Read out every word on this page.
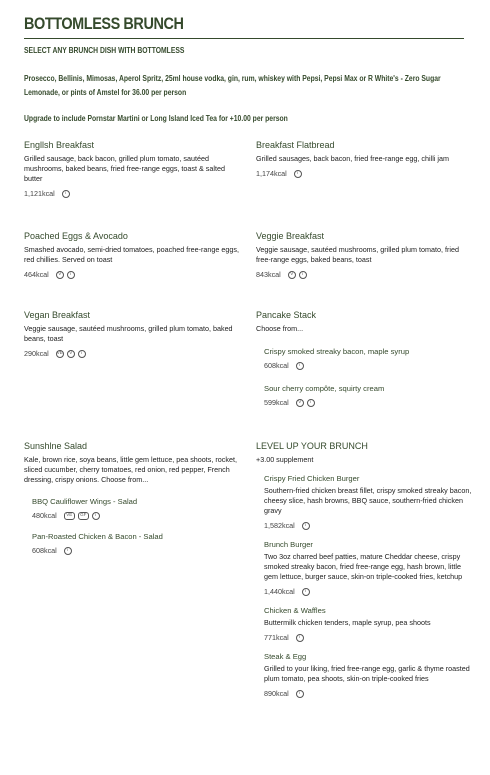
BOTTOMLESS BRUNCH
SELECT ANY BRUNCH DISH WITH BOTTOMLESS
Prosecco, Bellinis, Mimosas, Aperol Spritz, 25ml house vodka, gin, rum, whiskey with Pepsi, Pepsi Max or R White's - Zero Sugar Lemonade, or pints of Amstel for 36.00 per person
Upgrade to include Pornstar Martini or Long Island Iced Tea for +10.00 per person
Engllsh Breakfast
Grilled sausage, back bacon, grilled plum tomato, sautéed mushrooms, baked beans, fried free-range eggs, toast & salted butter
1,121kcal	i
Breakfast Flatbread
Grilled sausages, back bacon, fried free-range egg, chilli jam
1,174kcal	i
Poached Eggs & Avocado
Smashed avocado, semi-dried tomatoes, poached free-range eggs, red chillies. Served on toast
464kcal	V	i
Veggie Breakfast
Veggie sausage, sautéed mushrooms, grilled plum tomato, fried free-range eggs, baked beans, toast
843kcal	V	i
Vegan Breakfast
Veggie sausage, sautéed mushrooms, grilled plum tomato, baked beans, toast
290kcal VE	V	i
Pancake Stack
Choose from...
Crispy smoked streaky bacon, maple syrup
608kcal	i
Sour cherry compôte, squirty cream
599kcal	V	i
Sunshlne Salad
Kale, brown rice, soya beans, little gem lettuce, pea shoots, rocket, sliced cucumber, cherry tomatoes, red onion, red pepper, French dressing, crispy onions. Choose from...
BBQ Cauliflower Wings - Salad
480kcal	VE	GF	i
Pan-Roasted Chicken & Bacon - Salad
608kcal	i
LEVEL UP YOUR BRUNCH
+3.00 supplement
Crispy Fried Chicken Burger
Southern-fried chicken breast fillet, crispy smoked streaky bacon, cheesy slice, hash browns, BBQ sauce, southern-fried chicken gravy
1,582kcal	i
Brunch Burger
Two 3oz charred beef patties, mature Cheddar cheese, crispy smoked streaky bacon, fried free-range egg, hash brown, little gem lettuce, burger sauce, skin-on triple-cooked fries, ketchup
1,440kcal	i
Chicken & Waffles
Buttermilk chicken tenders, maple syrup, pea shoots
771kcal	i
Steak & Egg
Grilled to your liking, fried free-range egg, garlic & thyme roasted plum tomato, pea shoots, skin-on triple-cooked fries
890kcal	i
